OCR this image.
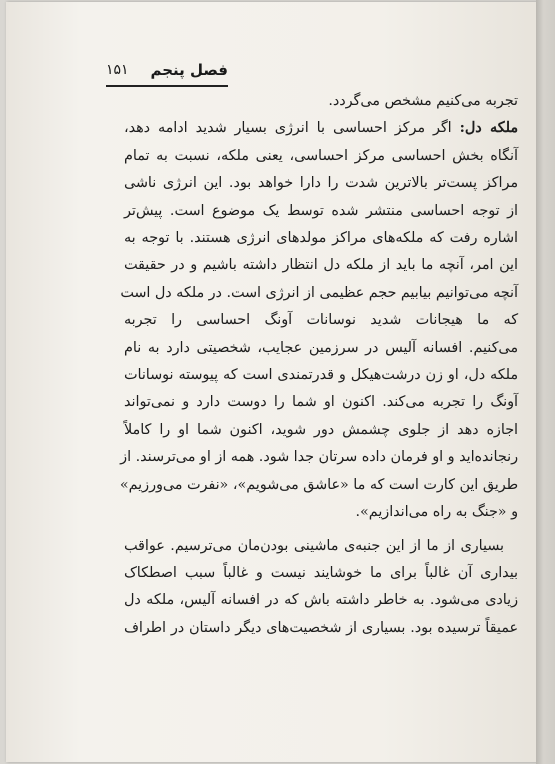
فصل پنجم
۱۵۱
تجربه می‌کنیم مشخص می‌گردد.
ملکه دل: اگر مرکز احساسی با انرژی بسیار شدید ادامه دهد،
آنگاه بخش احساسی مرکز احساسی، یعنی ملکه، نسبت به تمام
مراکز پست‌تر بالاترین شدت را دارا خواهد بود. این انرژی ناشی
از توجه احساسی منتشر شده توسط یک موضوع است. پیش‌تر
اشاره رفت که ملکه‌های مراکز مولدهای انرژی هستند. با توجه به
این امر، آنچه ما باید از ملکه دل انتظار داشته باشیم و در حقیقت
آنچه می‌توانیم بیابیم حجم عظیمی از انرژی است. در ملکه دل است
که ما هیجانات شدید نوسانات آونگ احساسی را تجربه
می‌کنیم. افسانه آلیس در سرزمین عجایب، شخصیتی دارد به نام
ملکه دل، او زن درشت‌هیکل و قدرتمندی است که پیوسته نوسانات
آونگ را تجربه می‌کند. اکنون او شما را دوست دارد و نمی‌تواند
اجازه دهد از جلوی چشمش دور شوید، اکنون شما او را کاملاً
رنجانده‌اید و او فرمان داده سرتان جدا شود. همه از او می‌ترسند. از
طریق این کارت است که ما «عاشق می‌شویم»، «نفرت می‌ورزیم»
و «جنگ به راه می‌اندازیم».
بسیاری از ما از این جنبه‌ی ماشینی بودن‌مان می‌ترسیم. عواقب
بیداری آن غالباً برای ما خوشایند نیست و غالباً سبب اصطکاک
زیادی می‌شود. به خاطر داشته باش که در افسانه آلیس، ملکه دل
عمیقاً ترسیده بود. بسیاری از شخصیت‌های دیگر داستان در اطراف
